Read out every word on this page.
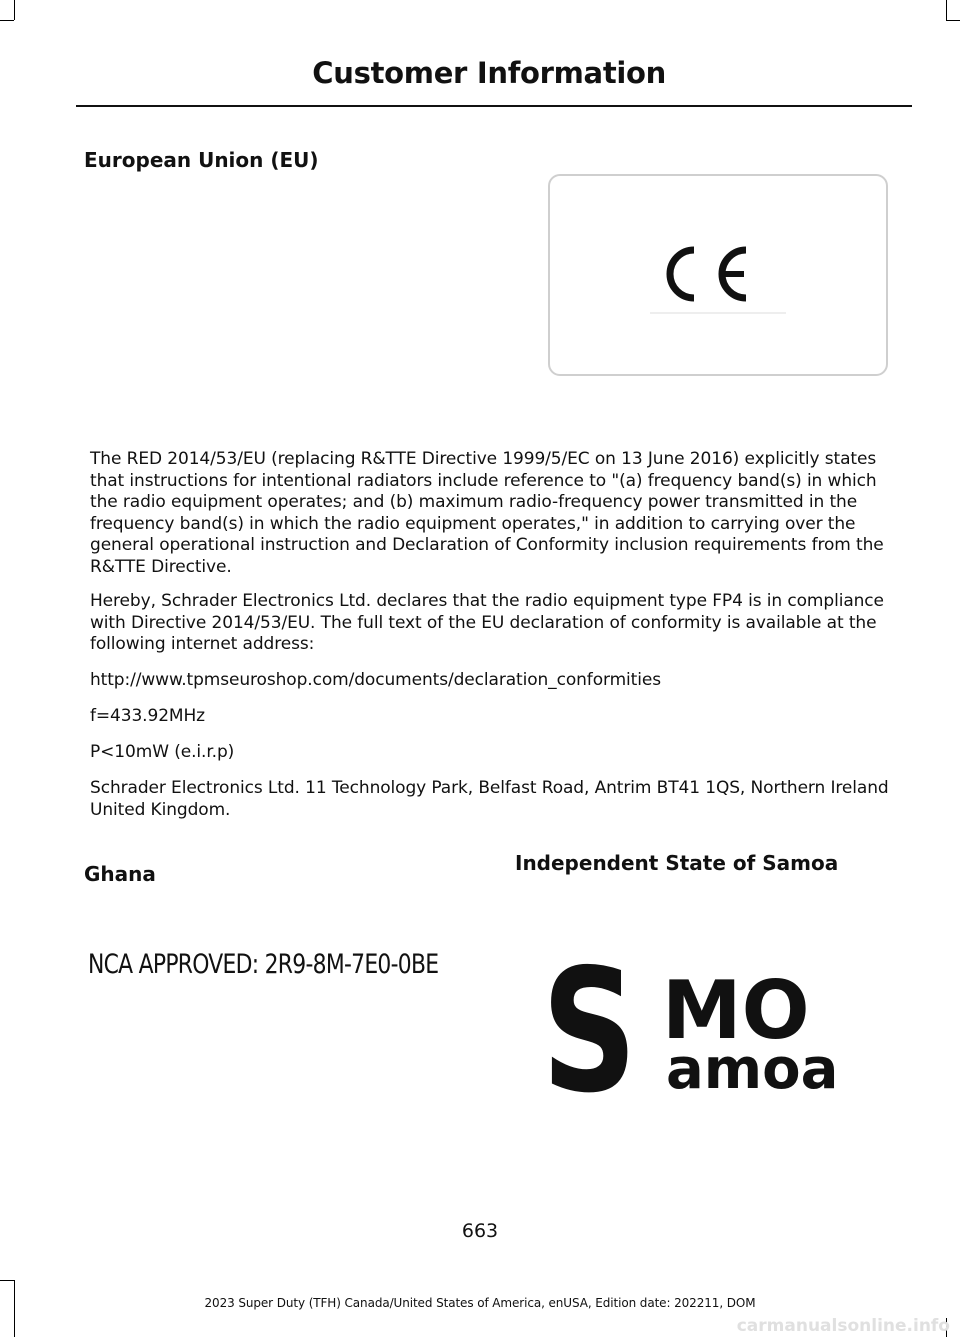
Customer Information
European Union (EU)

The RED 2014/53/EU (replacing R&TTE Directive 1999/5/EC on 13 June 2016) explicitly states that instructions for intentional radiators include reference to "(a) frequency band(s) in which the radio equipment operates; and (b) maximum radio-frequency power transmitted in the frequency band(s) in which the radio equipment operates," in addition to carrying over the general operational instruction and Declaration of Conformity inclusion requirements from the R&TTE Directive.

Hereby, Schrader Electronics Ltd. declares that the radio equipment type FP4 is in compliance with Directive 2014/53/EU. The full text of the EU declaration of conformity is available at the following internet address:

http://www.tpmseuroshop.com/documents/declaration_conformities

f=433.92MHz

P<10mW (e.i.r.p)

Schrader Electronics Ltd. 11 Technology Park, Belfast Road, Antrim BT41 1QS, Northern Ireland United Kingdom.

Ghana	Independent State of Samoa
NCA APPROVED: 2R9-8M-7E0-0BE S MO
amoa
663
2023 Super Duty (TFH) Canada/United States of America, enUSA, Edition date: 202211, DOM
carmanualsonline.info
